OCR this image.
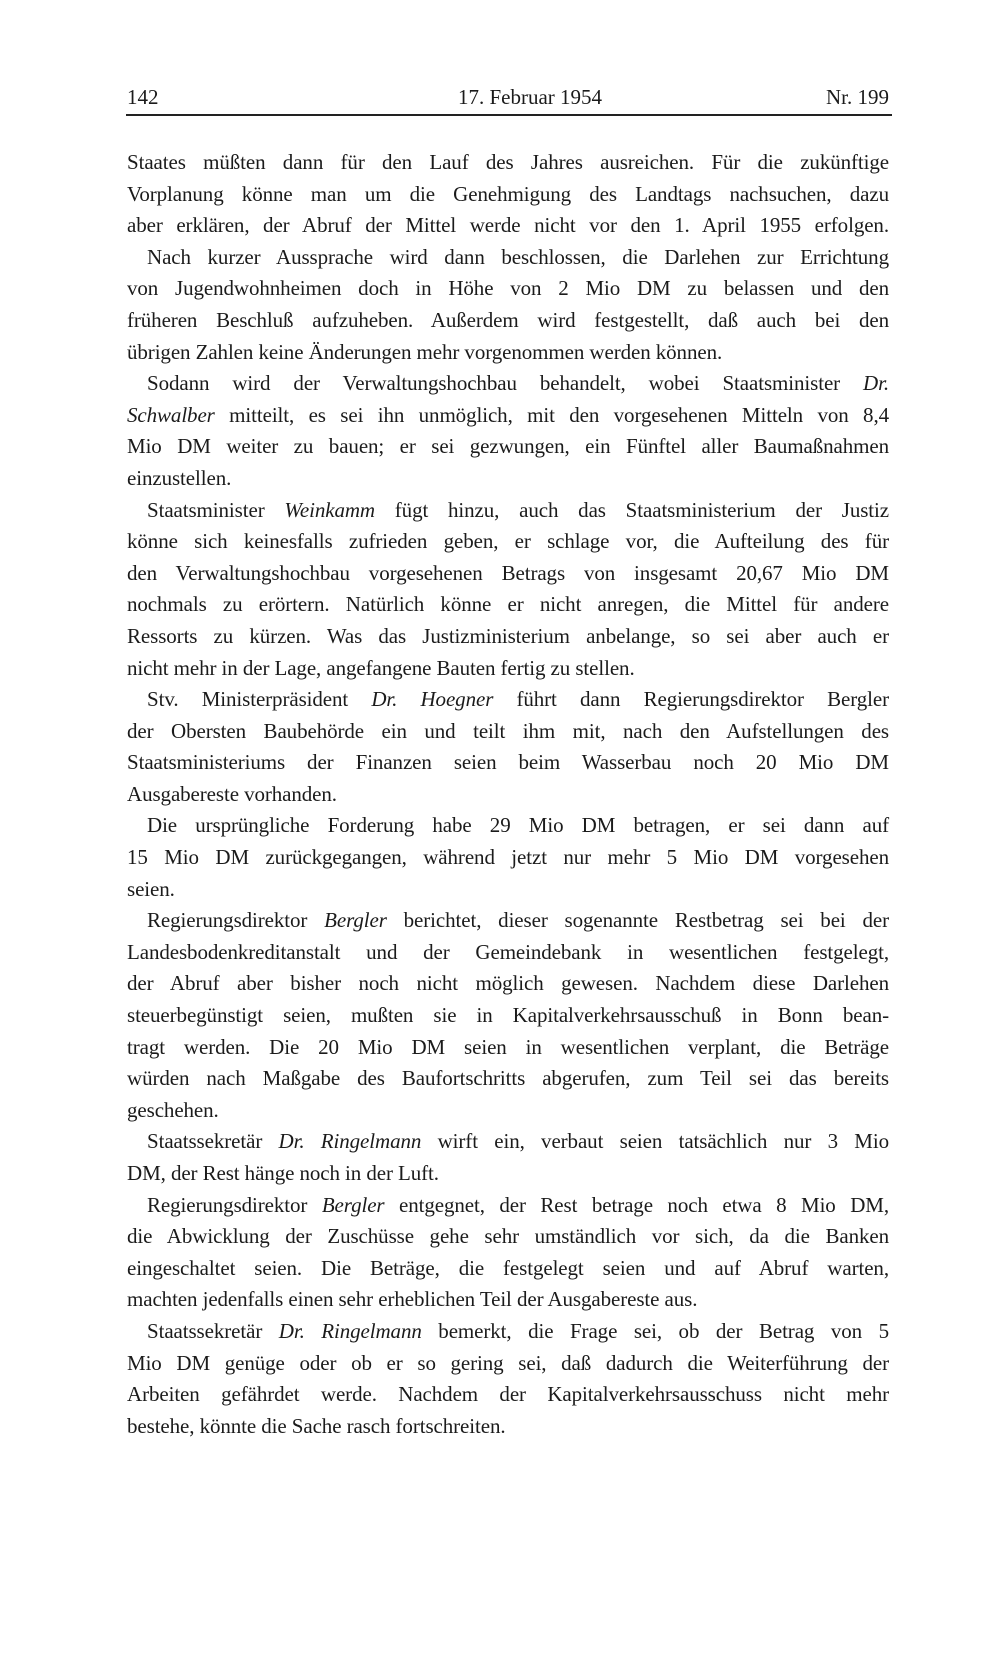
142	17. Februar 1954	Nr. 199
Staates müßten dann für den Lauf des Jahres ausreichen. Für die zukünftige
Vorplanung könne man um die Genehmigung des Landtags nachsuchen, dazu
aber erklären, der Abruf der Mittel werde nicht vor den 1. April 1955 erfolgen.
Nach kurzer Aussprache wird dann beschlossen, die Darlehen zur Errichtung
von Jugendwohnheimen doch in Höhe von 2 Mio DM zu belassen und den
früheren Beschluß aufzuheben. Außerdem wird festgestellt, daß auch bei den
übrigen Zahlen keine Änderungen mehr vorgenommen werden können.
Sodann wird der Verwaltungshochbau behandelt, wobei Staatsminister Dr.
Schwalber mitteilt, es sei ihn unmöglich, mit den vorgesehenen Mitteln von 8,4
Mio DM weiter zu bauen; er sei gezwungen, ein Fünftel aller Baumaßnahmen
einzustellen.
Staatsminister Weinkamm fügt hinzu, auch das Staatsministerium der Justiz
könne sich keinesfalls zufrieden geben, er schlage vor, die Aufteilung des für
den Verwaltungshochbau vorgesehenen Betrags von insgesamt 20,67 Mio DM
nochmals zu erörtern. Natürlich könne er nicht anregen, die Mittel für andere
Ressorts zu kürzen. Was das Justizministerium anbelange, so sei aber auch er
nicht mehr in der Lage, angefangene Bauten fertig zu stellen.
Stv. Ministerpräsident Dr. Hoegner führt dann Regierungsdirektor Bergler
der Obersten Baubehörde ein und teilt ihm mit, nach den Aufstellungen des
Staatsministeriums der Finanzen seien beim Wasserbau noch 20 Mio DM
Ausgabereste vorhanden.
Die ursprüngliche Forderung habe 29 Mio DM betragen, er sei dann auf
15 Mio DM zurückgegangen, während jetzt nur mehr 5 Mio DM vorgesehen
seien.
Regierungsdirektor Bergler berichtet, dieser sogenannte Restbetrag sei bei der
Landesbodenkreditanstalt und der Gemeindebank in wesentlichen festgelegt,
der Abruf aber bisher noch nicht möglich gewesen. Nachdem diese Darlehen
steuerbegünstigt seien, mußten sie in Kapitalverkehrsausschuß in Bonn bean-
tragt werden. Die 20 Mio DM seien in wesentlichen verplant, die Beträge
würden nach Maßgabe des Baufortschritts abgerufen, zum Teil sei das bereits
geschehen.
Staatssekretär Dr. Ringelmann wirft ein, verbaut seien tatsächlich nur 3 Mio
DM, der Rest hänge noch in der Luft.
Regierungsdirektor Bergler entgegnet, der Rest betrage noch etwa 8 Mio DM,
die Abwicklung der Zuschüsse gehe sehr umständlich vor sich, da die Banken
eingeschaltet seien. Die Beträge, die festgelegt seien und auf Abruf warten,
machten jedenfalls einen sehr erheblichen Teil der Ausgabereste aus.
Staatssekretär Dr. Ringelmann bemerkt, die Frage sei, ob der Betrag von 5
Mio DM genüge oder ob er so gering sei, daß dadurch die Weiterführung der
Arbeiten gefährdet werde. Nachdem der Kapitalverkehrsausschuss nicht mehr
bestehe, könnte die Sache rasch fortschreiten.
